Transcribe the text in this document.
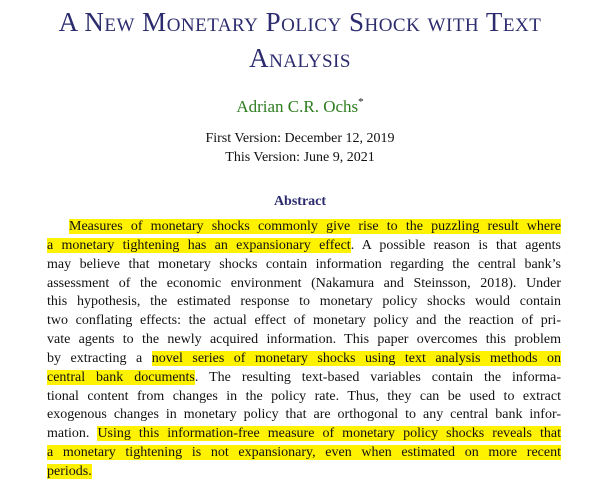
A New Monetary Policy Shock with Text
Analysis
Adrian C.R. Ochs*
First Version: December 12, 2019
This Version: June 9, 2021
Abstract
Measures of monetary shocks commonly give rise to the puzzling result where
a monetary tightening has an expansionary effect. A possible reason is that agents
may believe that monetary shocks contain information regarding the central bank’s
assessment of the economic environment (Nakamura and Steinsson, 2018). Under
this hypothesis, the estimated response to monetary policy shocks would contain
two conflating effects: the actual effect of monetary policy and the reaction of pri-
vate agents to the newly acquired information. This paper overcomes this problem
by extracting a novel series of monetary shocks using text analysis methods on
central bank documents. The resulting text-based variables contain the informa-
tional content from changes in the policy rate. Thus, they can be used to extract
exogenous changes in monetary policy that are orthogonal to any central bank infor-
mation. Using this information-free measure of monetary policy shocks reveals that
a monetary tightening is not expansionary, even when estimated on more recent
periods.
